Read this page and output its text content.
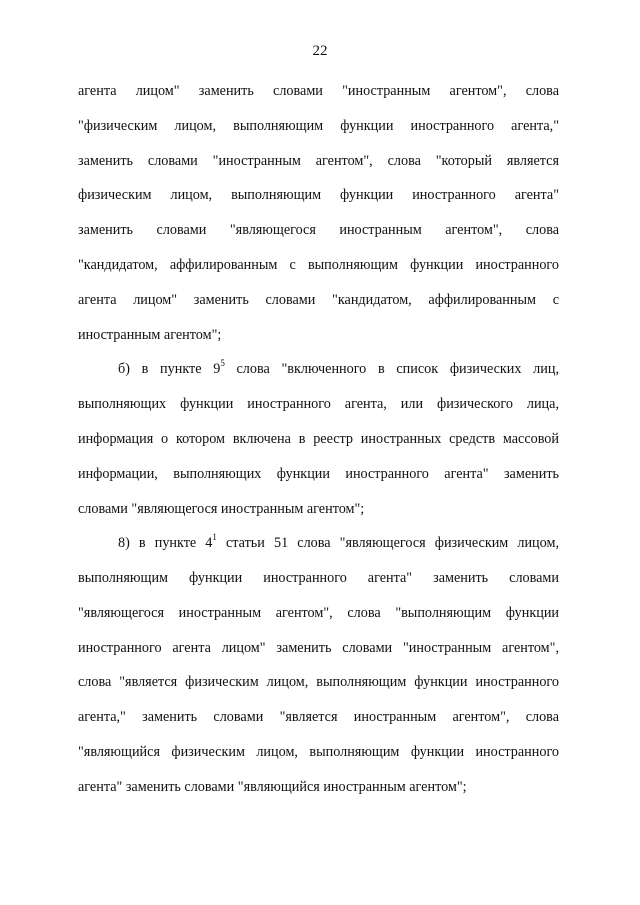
22
агента лицом" заменить словами "иностранным агентом", слова
"физическим лицом, выполняющим функции иностранного агента,"
заменить словами "иностранным агентом", слова "который является
физическим лицом, выполняющим функции иностранного агента"
заменить словами "являющегося иностранным агентом", слова
"кандидатом, аффилированным с выполняющим функции иностранного
агента лицом" заменить словами "кандидатом, аффилированным с
иностранным агентом";
б) в пункте $9^5$ слова "включенного в список физических лиц,
выполняющих функции иностранного агента, или физического лица,
информация о котором включена в реестр иностранных средств массовой
информации, выполняющих функции иностранного агента" заменить
словами "являющегося иностранным агентом";
8) в пункте $4^1$ статьи 51 слова "являющегося физическим лицом,
выполняющим функции иностранного агента" заменить словами
"являющегося иностранным агентом", слова "выполняющим функции
иностранного агента лицом" заменить словами "иностранным агентом",
слова "является физическим лицом, выполняющим функции иностранного
агента," заменить словами "является иностранным агентом", слова
"являющийся физическим лицом, выполняющим функции иностранного
агента" заменить словами "являющийся иностранным агентом";
